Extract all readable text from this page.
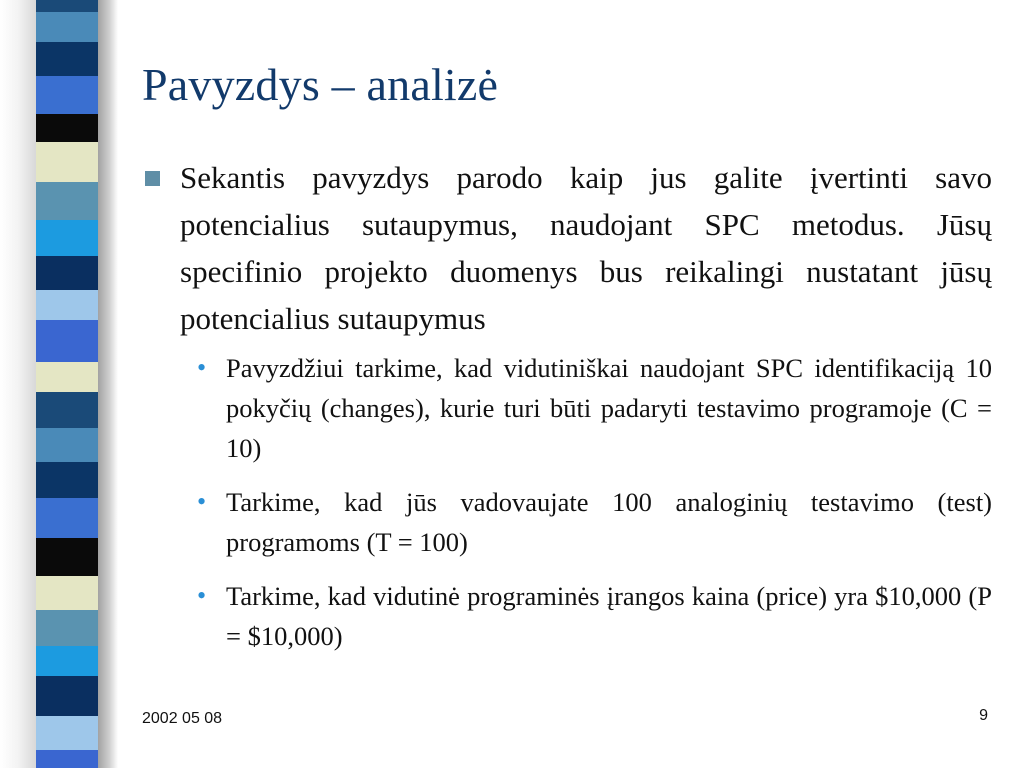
Pavyzdys – analizė
Sekantis pavyzdys parodo kaip jus galite įvertinti savo potencialius sutaupymus, naudojant SPC metodus. Jūsų specifinio projekto duomenys bus reikalingi nustatant jūsų potencialius sutaupymus
• Pavyzdžiui tarkime, kad vidutiniškai naudojant SPC identifikaciją 10 pokyčių (changes), kurie turi būti padaryti testavimo programoje (C = 10)
• Tarkime, kad jūs vadovaujate 100 analoginių testavimo (test) programoms (T = 100)
• Tarkime, kad vidutinė programinės įrangos kaina (price) yra $10,000 (P = $10,000)
2002 05 08	9
